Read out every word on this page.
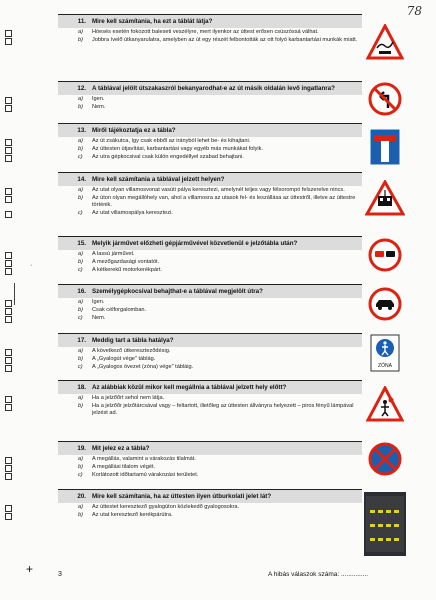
78
·
11. Mire kell számítania, ha ezt a táblát látja?
a) Hóesés esetén fokozott baleseti veszélyre, mert ilyenkor az úttest erősen csúszóssá válhat.
b) Jobbra ívelő útkanyarulatra, amelyben az út egy részét felbontották az ott folyó karbantartási munkák miatt.
12. A táblával jelölt útszakaszról bekanyarodhat-e az út másik oldalán levő ingatlanra?
a) Igen.
b) Nem.
13. Miről tájékoztatja ez a tábla?
a) Az út zsákutca, így csak ebből az irányból lehet be- és kihajtani.
b) Az úttesten útjavítási, karbantartási vagy egyéb más munkákat folyik.
c) Az utra gépkocsival csak külön engedéllyel szabad behajtani.
14. Mire kell számítania a táblával jelzett helyen?
a) Az utat olyan villamosvonat vasúti pálya keresztezi, amelynél teljes vagy félsorompó felszerelve nincs.
b) Az úton olyan megállóhely van, ahol a villamosra az utasok fel- és leszállása az úttestről, illetve az úttestre történik.
c) Az utat villamospálya keresztezi.
15. Melyik járművet előzheti gépjárművével közvetlenül e jelzőtábla után?
a) A lassú járművet.
b) A mezőgazdasági vontatót.
c) A kétkerekű motorkerékpárt.
16. Személygépkocsival behajthat-e a táblával megjelölt útra?
a) Igen.
b) Csak célforgalomban.
c) Nem.
17. Meddig tart a tábla hatálya?
a) A következő útkereszteződésig.
b) A „Gyalogút vége" táblág.
c) A „Gyalogos övezet (zóna) vége" tábláig.
18. Az alábbiak közül mikor kell megállnia a táblával jelzett hely előtt?
a) Ha a jelzőőrt sehol nem látja.
b) Ha a jelzőőr jelzőtárcsával vagy – feltartott, illetőleg az úttesten állványra helyezett – piros fényű lámpával jelzést ad.
19. Mit jelez ez a tábla?
a) A megállás, valamint a várakozás tilalmát.
b) A megállási tilalom végét.
c) Korlátozott időtartamú várakozási területet.
20. Mire kell számítania, ha az úttesten ilyen útburkolati jelet lát?
a) Az úttestet keresztező gyalogúton közlekedő gyalogosokra.
b) Az utat keresztező kerékpárútra.
ZÓNA
+	3	A hibás válaszok száma: ...............
